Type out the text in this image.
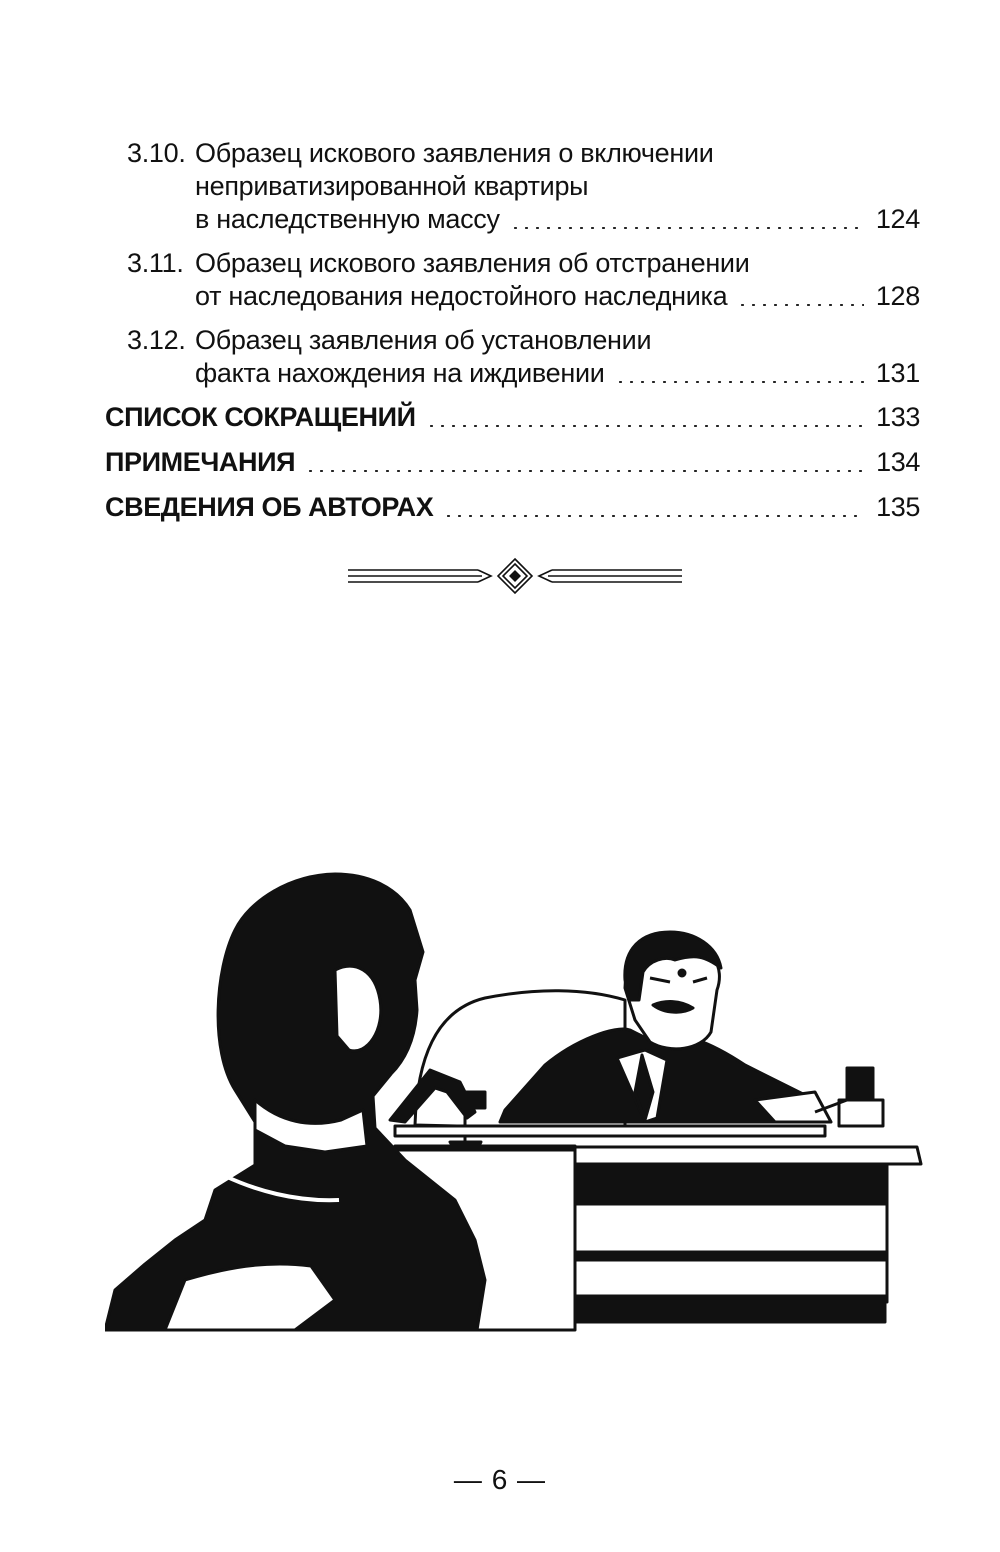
3.10. Образец искового заявления о включении
неприватизированной квартиры
в наследственную массу	124
3.11. Образец искового заявления об отстранении
от наследования недостойного наследника	128
3.12. Образец заявления об установлении
факта нахождения на иждивении	131
СПИСОК СОКРАЩЕНИЙ	133
ПРИМЕЧАНИЯ	134
СВЕДЕНИЯ ОБ АВТОРАХ	135
— 6 —
